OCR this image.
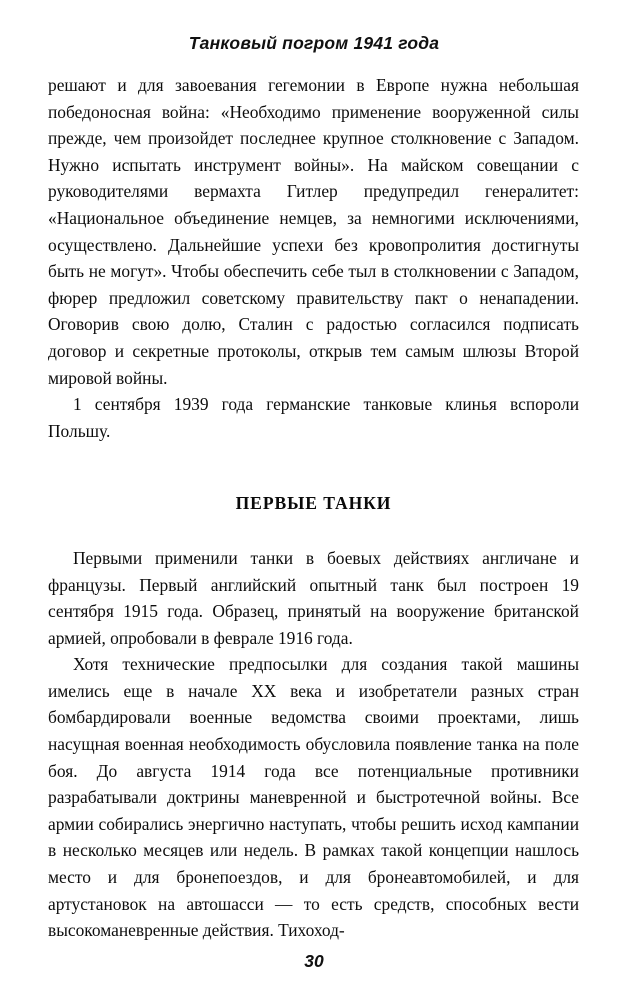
Танковый погром 1941 года

решают и для завоевания гегемонии в Европе нужна небольшая победоносная война: «Необходимо применение вооруженной силы прежде, чем произойдет последнее крупное столкновение с Западом. Нужно испытать инструмент войны». На майском совещании с руководителями вермахта Гитлер предупредил генералитет: «Национальное объединение немцев, за немногими исключениями, осуществлено. Дальнейшие успехи без кровопролития достигнуты быть не могут». Чтобы обеспечить себе тыл в столкновении с Западом, фюрер предложил советскому правительству пакт о ненападении. Оговорив свою долю, Сталин с радостью согласился подписать договор и секретные протоколы, открыв тем самым шлюзы Второй мировой войны.

1 сентября 1939 года германские танковые клинья вспороли Польшу.

ПЕРВЫЕ ТАНКИ

Первыми применили танки в боевых действиях англичане и французы. Первый английский опытный танк был построен 19 сентября 1915 года. Образец, принятый на вооружение британской армией, опробовали в феврале 1916 года.

Хотя технические предпосылки для создания такой машины имелись еще в начале XX века и изобретатели разных стран бомбардировали военные ведомства своими проектами, лишь насущная военная необходимость обусловила появление танка на поле боя. До августа 1914 года все потенциальные противники разрабатывали доктрины маневренной и быстротечной войны. Все армии собирались энергично наступать, чтобы решить исход кампании в несколько месяцев или недель. В рамках такой концепции нашлось место и для бронепоездов, и для бронеавтомобилей, и для артустановок на автошасси — то есть средств, способных вести высокоманевренные действия. Тихоход-

30
